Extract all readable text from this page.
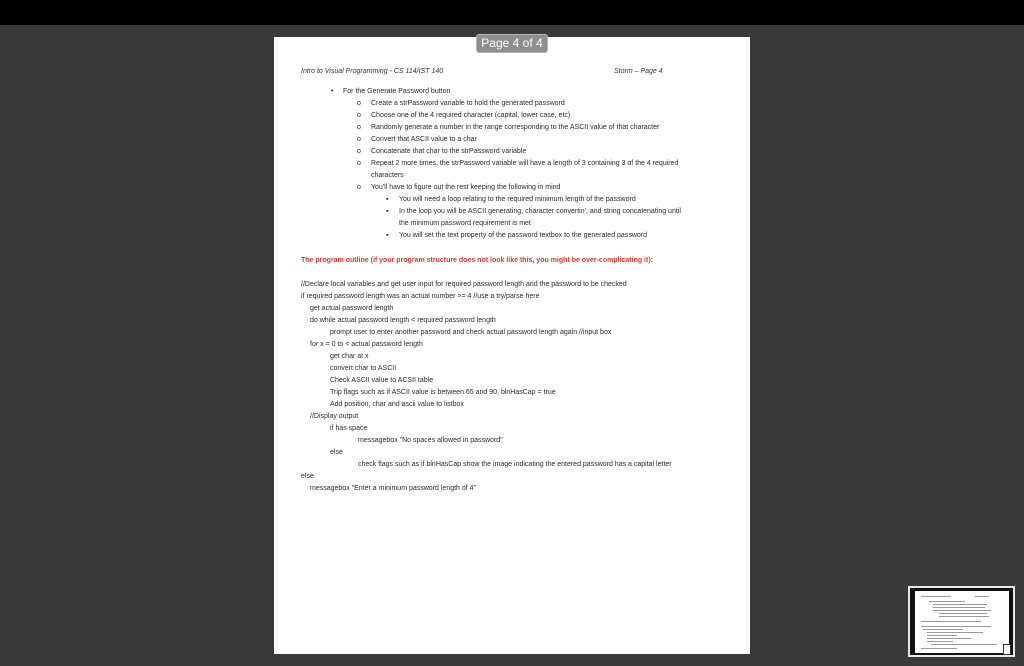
Intro to Visual Programming - CS 114/IST 140	Storm – Page 4
• For the Generate Password button
o Create a strPassword variable to hold the generated password
o Choose one of the 4 required character (capital, lower case, etc)
o Randomly generate a number in the range corresponding to the ASCII value of that character
o Convert that ASCII value to a char
o Concatenate that char to the strPassword variable
o Repeat 2 more times, the strPassword variable will have a length of 3 containing 3 of the 4 required
characters
o You'll have to figure out the rest keeping the following in mind
▪ You will need a loop relating to the required minimum length of the password
▪ In the loop you will be ASCII generating, character convertin', and string concatenating until
the minimum password requirement is met
▪ You will set the text property of the password textbox to the generated password
The program outline (if your program structure does not look like this, you might be over-complicating it):
//Declare local variables and get user input for required password length and the password to be checked
if required password length was an actual number >= 4 //use a try/parse here
get actual password length
do while actual password length < required password length
prompt user to enter another password and check actual password length again //input box
for x = 0 to < actual password length
get char at x
convert char to ASCII
Check ASCII value to ACSII table
Trip flags such as if ASCII value is between 65 and 90, blnHasCap = true
Add position, char and ascii value to listbox
//Display output
if has space
messagebox "No spaces allowed in password"
else
check flags such as if blnHasCap show the image indicating the entered password has a capital letter
else
messagebox "Enter a minimum password length of 4"
Page 4 of 4
